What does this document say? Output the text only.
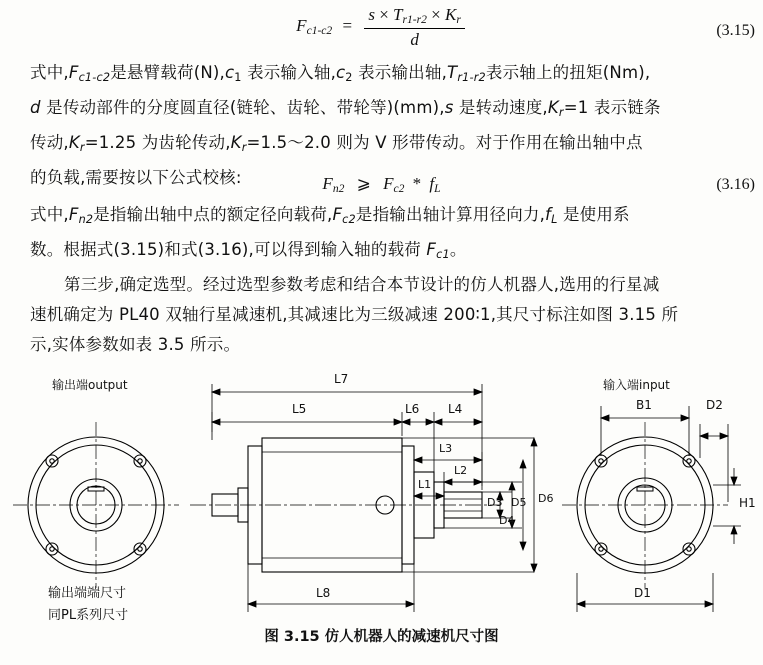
$F_{c1-c2} = \frac{s \times T_{r1-r2} \times K_r}{d}$	(3.15)
式中$,F_{c1-c2}$是悬臂载荷(N),c1 表示输入轴,c2 表示输出轴$,T_{r1-r2}$表示轴上的扭矩(Nm),
d 是传动部件的分度圆直径(链轮、齿轮、带轮等)(mm),s 是转动速度$,K_r=1$ 表示链条
传动$,K_r=1.25$ 为齿轮传动$,K_r=1.5\sim 2.0$ 则为 V 形带传动。对于作用在输出轴中点
的负载,需要按以下公式校核:	$F_{n2}$ ⩾ $F_{c2} * f_L$	(3.16)
式中$,F_{n2}$是指输出轴中点的额定径向载荷$,F_{c2}$是指输出轴计算用径向力$,f_L$ 是使用系
数。根据式(3.15)和式(3.16),可以得到输入轴的载荷 $F_{c1}$。
第三步,确定选型。经过选型参数考虑和结合本节设计的仿人机器人,选用的行星减
速机确定为 PL40 双轴行星减速机,其减速比为三级减速 200∶1,其尺寸标注如图 3.15 所
示,实体参数如表 3.5 所示。
输出端output	输入端input
L7
L5	L6 L4
L3
L2
L1
L8
D3
D4
D5 D6
D1
D2
B1
H1
输出端端尺寸
同PL系列尺寸
图 3.15 仿人机器人的减速机尺寸图
